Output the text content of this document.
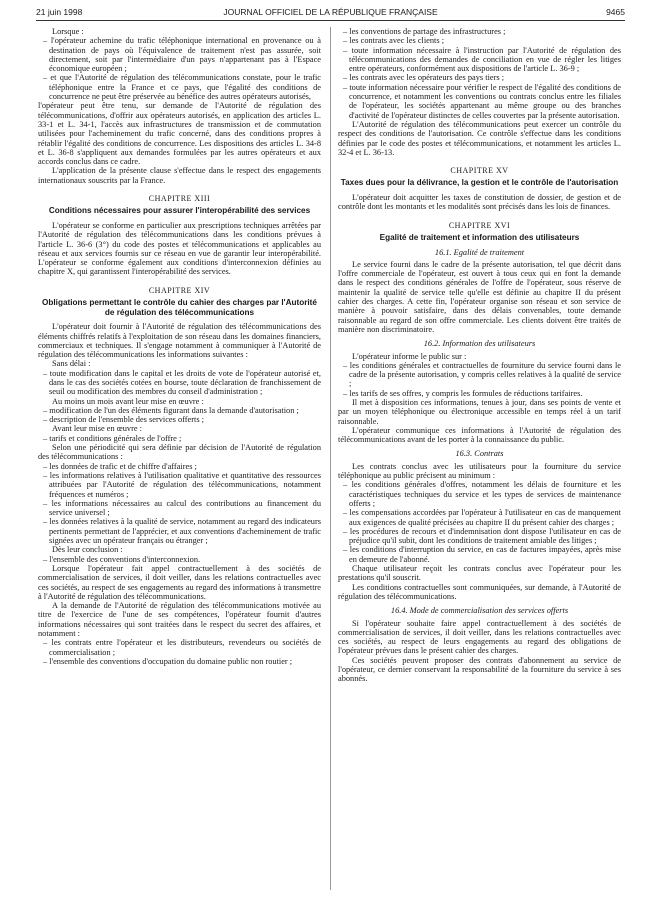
21 juin 1998	JOURNAL OFFICIEL DE LA RÉPUBLIQUE FRANÇAISE	9465

Lorsque :

– l'opérateur achemine du trafic téléphonique international en provenance ou à destination de pays où l'équivalence de traitement n'est pas assurée, soit directement, soit par l'intermédiaire d'un pays n'appartenant pas à l'Espace économique européen ;

– et que l'Autorité de régulation des télécommunications constate, pour le trafic téléphonique entre la France et ce pays, que l'égalité des conditions de concurrence ne peut être préservée au bénéfice des autres opérateurs autorisés,

l'opérateur peut être tenu, sur demande de l'Autorité de régulation des télécommunications, d'offrir aux opérateurs autorisés, en application des articles L. 33-1 et L. 34-1, l'accès aux infrastructures de transmission et de commutation utilisées pour l'acheminement du trafic concerné, dans des conditions propres à rétablir l'égalité des conditions de concurrence. Les dispositions des articles L. 34-8 et L. 36-8 s'appliquent aux demandes formulées par les autres opérateurs et aux accords conclus dans ce cadre.

L'application de la présente clause s'effectue dans le respect des engagements internationaux souscrits par la France.

CHAPITRE XIII
Conditions nécessaires pour assurer l'interopérabilité des services

L'opérateur se conforme en particulier aux prescriptions techniques arrêtées par l'Autorité de régulation des télécommunications dans les conditions prévues à l'article L. 36-6 (3°) du code des postes et télécommunications et applicables au réseau et aux services fournis sur ce réseau en vue de garantir leur interopérabilité. L'opérateur se conforme également aux conditions d'interconnexion définies au chapitre X, qui garantissent l'interopérabilité des services.

CHAPITRE XIV
Obligations permettant le contrôle du cahier des charges par l'Autorité de régulation des télécommunications

L'opérateur doit fournir à l'Autorité de régulation des télécommunications des éléments chiffrés relatifs à l'exploitation de son réseau dans les domaines financiers, commerciaux et techniques. Il s'engage notamment à communiquer à l'Autorité de régulation des télécommunications les informations suivantes :

Sans délai :

– toute modification dans le capital et les droits de vote de l'opérateur autorisé et, dans le cas des sociétés cotées en bourse, toute déclaration de franchissement de seuil ou modification des membres du conseil d'administration ;

Au moins un mois avant leur mise en œuvre :

– modification de l'un des éléments figurant dans la demande d'autorisation ;

– description de l'ensemble des services offerts ;

Avant leur mise en œuvre :

– tarifs et conditions générales de l'offre ;

Selon une périodicité qui sera définie par décision de l'Autorité de régulation des télécommunications :

– les données de trafic et de chiffre d'affaires ;

– les informations relatives à l'utilisation qualitative et quantitative des ressources attribuées par l'Autorité de régulation des télécommunications, notamment fréquences et numéros ;

– les informations nécessaires au calcul des contributions au financement du service universel ;

– les données relatives à la qualité de service, notamment au regard des indicateurs pertinents permettant de l'apprécier, et aux conventions d'acheminement de trafic signées avec un opérateur français ou étranger ;

Dès leur conclusion :

– l'ensemble des conventions d'interconnexion.

Lorsque l'opérateur fait appel contractuellement à des sociétés de commercialisation de services, il doit veiller, dans les relations contractuelles avec ces sociétés, au respect de ses engagements au regard des informations à transmettre à l'Autorité de régulation des télécommunications.

A la demande de l'Autorité de régulation des télécommunications motivée au titre de l'exercice de l'une de ses compétences, l'opérateur fournit d'autres informations nécessaires qui sont traitées dans le respect du secret des affaires, et notamment :

– les contrats entre l'opérateur et les distributeurs, revendeurs ou sociétés de commercialisation ;

– l'ensemble des conventions d'occupation du domaine public non routier ;

– les conventions de partage des infrastructures ;

– les contrats avec les clients ;

– toute information nécessaire à l'instruction par l'Autorité de régulation des télécommunications des demandes de conciliation en vue de régler les litiges entre opérateurs, conformément aux dispositions de l'article L. 36-9 ;

– les contrats avec les opérateurs des pays tiers ;

– toute information nécessaire pour vérifier le respect de l'égalité des conditions de concurrence, et notamment les conventions ou contrats conclus entre les filiales de l'opérateur, les sociétés appartenant au même groupe ou des branches d'activité de l'opérateur distinctes de celles couvertes par la présente autorisation.

L'Autorité de régulation des télécommunications peut exercer un contrôle du respect des conditions de l'autorisation. Ce contrôle s'effectue dans les conditions définies par le code des postes et télécommunications, et notamment les articles L. 32-4 et L. 36-13.

CHAPITRE XV
Taxes dues pour la délivrance, la gestion et le contrôle de l'autorisation

L'opérateur doit acquitter les taxes de constitution de dossier, de gestion et de contrôle dont les montants et les modalités sont précisés dans les lois de finances.

CHAPITRE XVI
Egalité de traitement et information des utilisateurs
16.1. Egalité de traitement

Le service fourni dans le cadre de la présente autorisation, tel que décrit dans l'offre commerciale de l'opérateur, est ouvert à tous ceux qui en font la demande dans le respect des conditions générales de l'offre de l'opérateur, sous réserve de maintenir la qualité de service telle qu'elle est définie au chapitre II du présent cahier des charges. A cette fin, l'opérateur organise son réseau et son service de manière à pouvoir satisfaire, dans des délais convenables, toute demande raisonnable au regard de son offre commerciale. Les clients doivent être traités de manière non discriminatoire.

16.2. Information des utilisateurs

L'opérateur informe le public sur :

– les conditions générales et contractuelles de fourniture du service fourni dans le cadre de la présente autorisation, y compris celles relatives à la qualité de service ;

– les tarifs de ses offres, y compris les formules de réductions tarifaires.

Il met à disposition ces informations, tenues à jour, dans ses points de vente et par un moyen téléphonique ou électronique accessible en temps réel à un tarif raisonnable.

L'opérateur communique ces informations à l'Autorité de régulation des télécommunications avant de les porter à la connaissance du public.

16.3. Contrats

Les contrats conclus avec les utilisateurs pour la fourniture du service téléphonique au public précisent au minimum :

– les conditions générales d'offres, notamment les délais de fourniture et les caractéristiques techniques du service et les types de services de maintenance offerts ;

– les compensations accordées par l'opérateur à l'utilisateur en cas de manquement aux exigences de qualité précisées au chapitre II du présent cahier des charges ;

– les procédures de recours et d'indemnisation dont dispose l'utilisateur en cas de préjudice qu'il subit, dont les conditions de traitement amiable des litiges ;

– les conditions d'interruption du service, en cas de factures impayées, après mise en demeure de l'abonné.

Chaque utilisateur reçoit les contrats conclus avec l'opérateur pour les prestations qu'il souscrit.

Les conditions contractuelles sont communiquées, sur demande, à l'Autorité de régulation des télécommunications.

16.4. Mode de commercialisation des services offerts

Si l'opérateur souhaite faire appel contractuellement à des sociétés de commercialisation de services, il doit veiller, dans les relations contractuelles avec ces sociétés, au respect de leurs engagements au regard des obligations de l'opérateur prévues dans le présent cahier des charges.

Ces sociétés peuvent proposer des contrats d'abonnement au service de l'opérateur, ce dernier conservant la responsabilité de la fourniture du service à ses abonnés.
